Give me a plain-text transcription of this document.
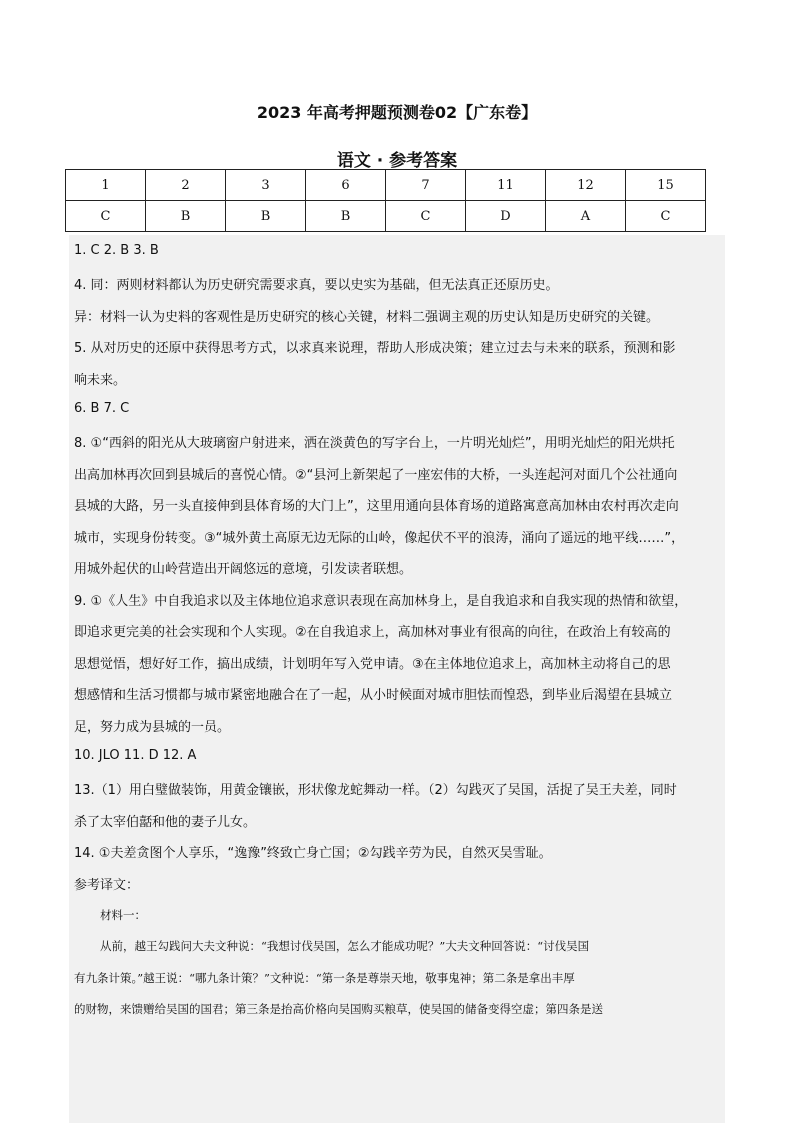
2023 年高考押题预测卷02【广东卷】
语文 · 参考答案
1	2	3	6	7	11	12	15
C	B	B	B	C	D	A	C
1. C 2. B 3. B
4. 同：两则材料都认为历史研究需要求真，要以史实为基础，但无法真正还原历史。
异：材料一认为史料的客观性是历史研究的核心关键，材料二强调主观的历史认知是历史研究的关键。
5. 从对历史的还原中获得思考方式，以求真来说理，帮助人形成决策；建立过去与未来的联系，预测和影
响未来。
6. B 7. C
8. ①“西斜的阳光从大玻璃窗户射进来，洒在淡黄色的写字台上，一片明光灿烂”，用明光灿烂的阳光烘托
出高加林再次回到县城后的喜悦心情。②“县河上新架起了一座宏伟的大桥，一头连起河对面几个公社通向
县城的大路，另一头直接伸到县体育场的大门上”，这里用通向县体育场的道路寓意高加林由农村再次走向
城市，实现身份转变。③“城外黄土高原无边无际的山岭，像起伏不平的浪涛，涌向了遥远的地平线……”，
用城外起伏的山岭营造出开阔悠远的意境，引发读者联想。
9. ①《人生》中自我追求以及主体地位追求意识表现在高加林身上，是自我追求和自我实现的热情和欲望，
即追求更完美的社会实现和个人实现。②在自我追求上，高加林对事业有很高的向往，在政治上有较高的
思想觉悟，想好好工作，搞出成绩，计划明年写入党申请。③在主体地位追求上，高加林主动将自己的思
想感情和生活习惯都与城市紧密地融合在了一起，从小时候面对城市胆怯而惶恐，到毕业后渴望在县城立
足，努力成为县城的一员。
10. JLO 11. D 12. A
13.（1）用白璧做装饰，用黄金镶嵌，形状像龙蛇舞动一样。（2）勾践灭了吴国，活捉了吴王夫差，同时
杀了太宰伯嚭和他的妻子儿女。
14. ①夫差贪图个人享乐，“逸豫”终致亡身亡国；②勾践辛劳为民，自然灭吴雪耻。
参考译文：
材料一：
从前，越王勾践问大夫文种说：“我想讨伐吴国，怎么才能成功呢？”大夫文种回答说：“讨伐吴国
有九条计策。”越王说：“哪九条计策？”文种说：“第一条是尊崇天地，敬事鬼神；第二条是拿出丰厚
的财物，来馈赠给吴国的国君；第三条是抬高价格向吴国购买粮草，使吴国的储备变得空虚；第四条是送
